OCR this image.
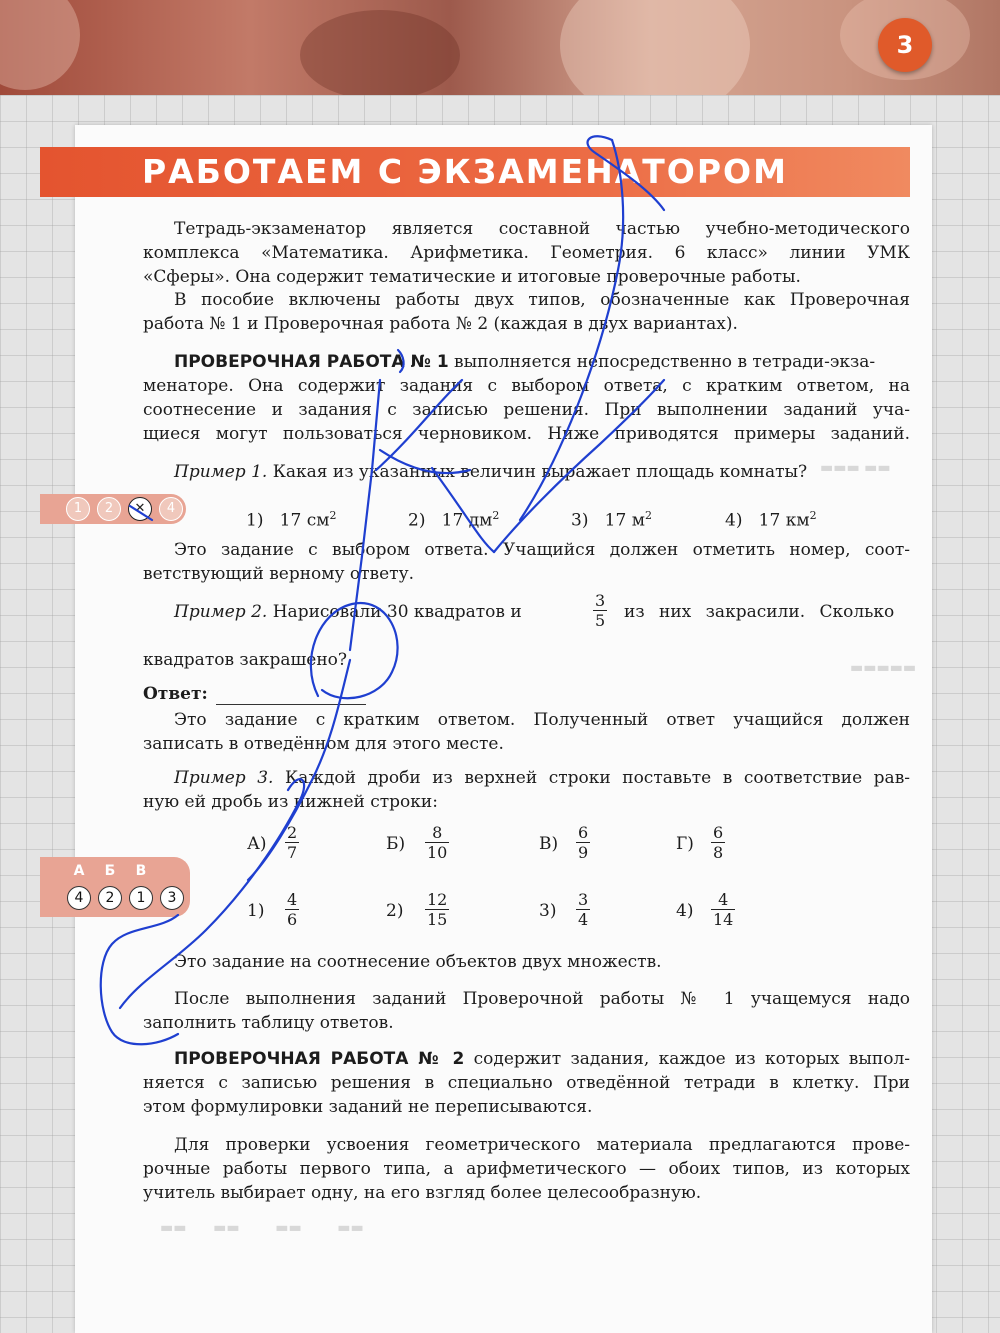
3
▬▬▬ ▬▬
▬▬▬▬▬
▬▬      ▬▬        ▬▬        ▬▬
РАБОТАЕМ С ЭКЗАМЕНАТОРОМ
Тетрадь-экзаменатор является составной частью учебно-методического
комплекса «Математика. Арифметика. Геометрия. 6 класс» линии УМК
«Сферы». Она содержит тематические и итоговые проверочные работы.
В пособие включены работы двух типов, обозначенные как Проверочная
работа № 1 и Проверочная работа № 2 (каждая в двух вариантах).
ПРОВЕРОЧНАЯ РАБОТА № 1 выполняется непосредственно в тетради-экза-
менаторе. Она содержит задания с выбором ответа, с кратким ответом, на
соотнесение и задания с записью решения. При выполнении заданий уча-
щиеся могут пользоваться черновиком. Ниже приводятся примеры заданий.
Пример 1. Какая из указанных величин выражает площадь комнаты?
1	2	✕	4
1) 17 $см^2$	2) 17 $дм^2$	3) 17 $м^2$	4) 17 $км^2$
Это задание с выбором ответа. Учащийся должен отметить номер, соот-
ветствующий верному ответу.
Пример 2. Нарисовали 30 квадратов и	$\frac{3}{5}$ из них закрасили. Сколько
квадратов закрашено?
Ответ:
Это задание с кратким ответом. Полученный ответ учащийся должен
записать в отведённом для этого месте.
Пример 3. Каждой дроби из верхней строки поставьте в соответствие рав-
ную ей дробь из нижней строки:
$А) \frac{2}{7}$	$Б) \frac{8}{10}$	$В) \frac{6}{9}$	$Г) \frac{6}{8}$
$1) \frac{4}{6}$	$2) \frac{12}{15}$	$3) \frac{3}{4}$	$4) \frac{4}{14}$
А	Б	В
4	2	1	3
Это задание на соотнесение объектов двух множеств.
После выполнения заданий Проверочной работы № 1 учащемуся надо
заполнить таблицу ответов.
ПРОВЕРОЧНАЯ РАБОТА № 2 содержит задания, каждое из которых выпол-
няется с записью решения в специально отведённой тетради в клетку. При
этом формулировки заданий не переписываются.
Для проверки усвоения геометрического материала предлагаются прове-
рочные работы первого типа, а арифметического — обоих типов, из которых
учитель выбирает одну, на его взгляд более целесообразную.
